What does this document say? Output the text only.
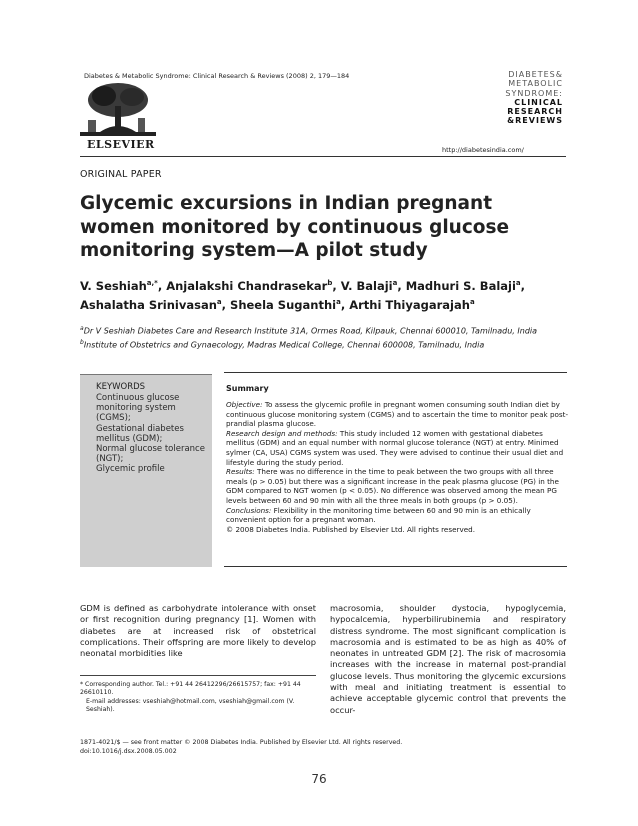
Diabetes & Metabolic Syndrome: Clinical Research & Reviews (2008) 2, 179—184
ELSEVIER
DIABETES&
METABOLIC
SYNDROME:
CLINICAL
RESEARCH
&REVIEWS
http://diabetesindia.com/
ORIGINAL PAPER
Glycemic excursions in Indian pregnant women monitored by continuous glucose monitoring system—A pilot study
V. Seshiah$^{a,*}$, Anjalakshi Chandrasekar$^b$, V. Balaji$^a$, Madhuri S. Balaji$^a$,
Ashalatha Srinivasan$^a$, Sheela Suganthi$^a$, Arthi Thiyagarajah$^a$
$^a$Dr V Seshiah Diabetes Care and Research Institute 31A, Ormes Road, Kilpauk, Chennai 600010, Tamilnadu, India
$^b$Institute of Obstetrics and Gynaecology, Madras Medical College, Chennai 600008, Tamilnadu, India
KEYWORDS
Continuous glucose monitoring system (CGMS);
Gestational diabetes mellitus (GDM);
Normal glucose tolerance (NGT);
Glycemic profile
Summary
Objective: To assess the glycemic profile in pregnant women consuming south Indian diet by continuous glucose monitoring system (CGMS) and to ascertain the time to monitor peak post-prandial plasma glucose.
Research design and methods: This study included 12 women with gestational diabetes mellitus (GDM) and an equal number with normal glucose tolerance (NGT) at entry. Minimed sylmer (CA, USA) CGMS system was used. They were advised to continue their usual diet and lifestyle during the study period.
Results: There was no difference in the time to peak between the two groups with all three meals (p > 0.05) but there was a significant increase in the peak plasma glucose (PG) in the GDM compared to NGT women (p < 0.05). No difference was observed among the mean PG levels between 60 and 90 min with all the three meals in both groups (p > 0.05).
Conclusions: Flexibility in the monitoring time between 60 and 90 min is an ethically convenient option for a pregnant woman.
© 2008 Diabetes India. Published by Elsevier Ltd. All rights reserved.
GDM is defined as carbohydrate intolerance with onset or first recognition during pregnancy [1]. Women with diabetes are at increased risk of obstetrical complications. Their offspring are more likely to develop neonatal morbidities like
macrosomia, shoulder dystocia, hypoglycemia, hypocalcemia, hyperbilirubinemia and respiratory distress syndrome. The most significant complication is macrosomia and is estimated to be as high as 40% of neonates in untreated GDM [2]. The risk of macrosomia increases with the increase in maternal post-prandial glucose levels. Thus monitoring the glycemic excursions with meal and initiating treatment is essential to achieve acceptable glycemic control that prevents the occur-
* Corresponding author. Tel.: +91 44 26412296/26615757; fax: +91 44 26610110.
E-mail addresses: vseshiah@hotmail.com, vseshiah@gmail.com (V. Seshiah).
1871-4021/$ — see front matter © 2008 Diabetes India. Published by Elsevier Ltd. All rights reserved.
doi:10.1016/j.dsx.2008.05.002
76
